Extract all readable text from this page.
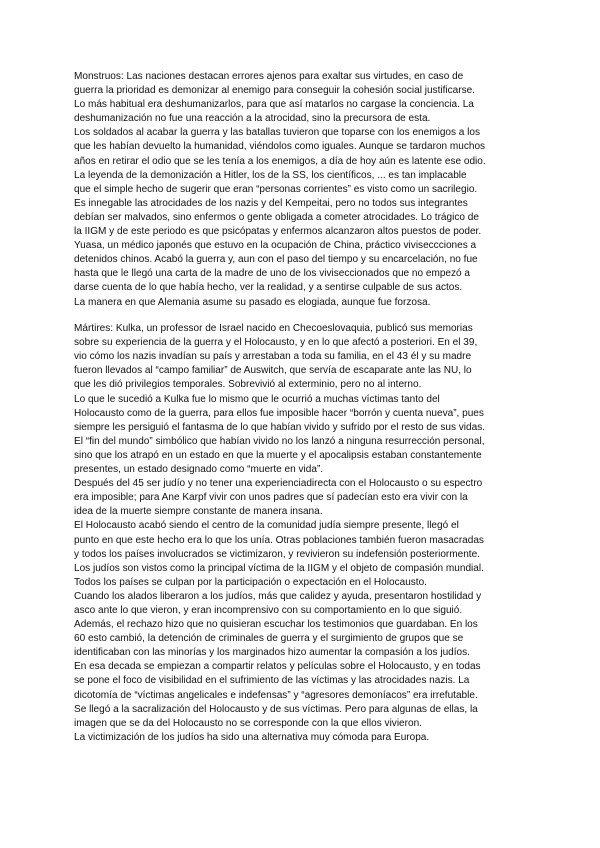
Monstruos: Las naciones destacan errores ajenos para exaltar sus virtudes, en caso de
guerra la prioridad es demonizar al enemigo para conseguir la cohesión social justificarse.
Lo más habitual era deshumanizarlos, para que así matarlos no cargase la conciencia. La
deshumanización no fue una reacción a la atrocidad, sino la precursora de esta.
Los soldados al acabar la guerra y las batallas tuvieron que toparse con los enemigos a los
que les habían devuelto la humanidad, viéndolos como iguales. Aunque se tardaron muchos
años en retirar el odio que se les tenía a los enemigos, a día de hoy aún es latente ese odio.
La leyenda de la demonización a Hitler, los de la SS, los científicos, ... es tan implacable
que el simple hecho de sugerir que eran “personas corrientes” es visto como un sacrilegio.
Es innegable las atrocidades de los nazis y del Kempeitai, pero no todos sus integrantes
debían ser malvados, sino enfermos o gente obligada a cometer atrocidades. Lo trágico de
la IIGM y de este periodo es que psicópatas y enfermos alcanzaron altos puestos de poder.
Yuasa, un médico japonés que estuvo en la ocupación de China, práctico viviseccciones a
detenidos chinos. Acabó la guerra y, aun con el paso del tiempo y su encarcelación, no fue
hasta que le llegó una carta de la madre de uno de los viviseccionados que no empezó a
darse cuenta de lo que había hecho, ver la realidad, y a sentirse culpable de sus actos.
La manera en que Alemania asume su pasado es elogiada, aunque fue forzosa.
Mártires: Kulka, un professor de Israel nacido en Checoeslovaquia, publicó sus memorias
sobre su experiencia de la guerra y el Holocausto, y en lo que afectó a posteriori. En el 39,
vio cómo los nazis invadían su país y arrestaban a toda su familia, en el 43 él y su madre
fueron llevados al “campo familiar” de Auswitch, que servía de escaparate ante las NU, lo
que les dió privilegios temporales. Sobrevivió al exterminio, pero no al interno.
Lo que le sucedió a Kulka fue lo mismo que le ocurrió a muchas víctimas tanto del
Holocausto como de la guerra, para ellos fue imposible hacer “borrón y cuenta nueva”, pues
siempre les persiguió el fantasma de lo que habían vivido y sufrido por el resto de sus vidas.
El “fin del mundo” simbólico que habían vivido no los lanzó a ninguna resurrección personal,
sino que los atrapó en un estado en que la muerte y el apocalipsis estaban constantemente
presentes, un estado designado como “muerte en vida”.
Después del 45 ser judío y no tener una experienciadirecta con el Holocausto o su espectro
era imposible; para Ane Karpf vivir con unos padres que sí padecían esto era vivir con la
idea de la muerte siempre constante de manera insana.
El Holocausto acabó siendo el centro de la comunidad judía siempre presente, llegó el
punto en que este hecho era lo que los unía. Otras poblaciones también fueron masacradas
y todos los países involucrados se victimizaron, y revivieron su indefensión posteriormente.
Los judíos son vistos como la principal víctima de la IIGM y el objeto de compasión mundial.
Todos los países se culpan por la participación o expectación en el Holocausto.
Cuando los alados liberaron a los judíos, más que calidez y ayuda, presentaron hostilidad y
asco ante lo que vieron, y eran incomprensivo con su comportamiento en lo que siguió.
Además, el rechazo hizo que no quisieran escuchar los testimonios que guardaban. En los
60 esto cambió, la detención de criminales de guerra y el surgimiento de grupos que se
identificaban con las minorías y los marginados hizo aumentar la compasión a los judíos.
En esa decada se empiezan a compartir relatos y películas sobre el Holocausto, y en todas
se pone el foco de visibilidad en el sufrimiento de las víctimas y las atrocidades nazis. La
dicotomía de “víctimas angelicales e indefensas” y “agresores demoníacos” era irrefutable.
Se llegó a la sacralización del Holocausto y de sus víctimas. Pero para algunas de ellas, la
imagen que se da del Holocausto no se corresponde con la que ellos vivieron.
La victimización de los judíos ha sido una alternativa muy cómoda para Europa.
